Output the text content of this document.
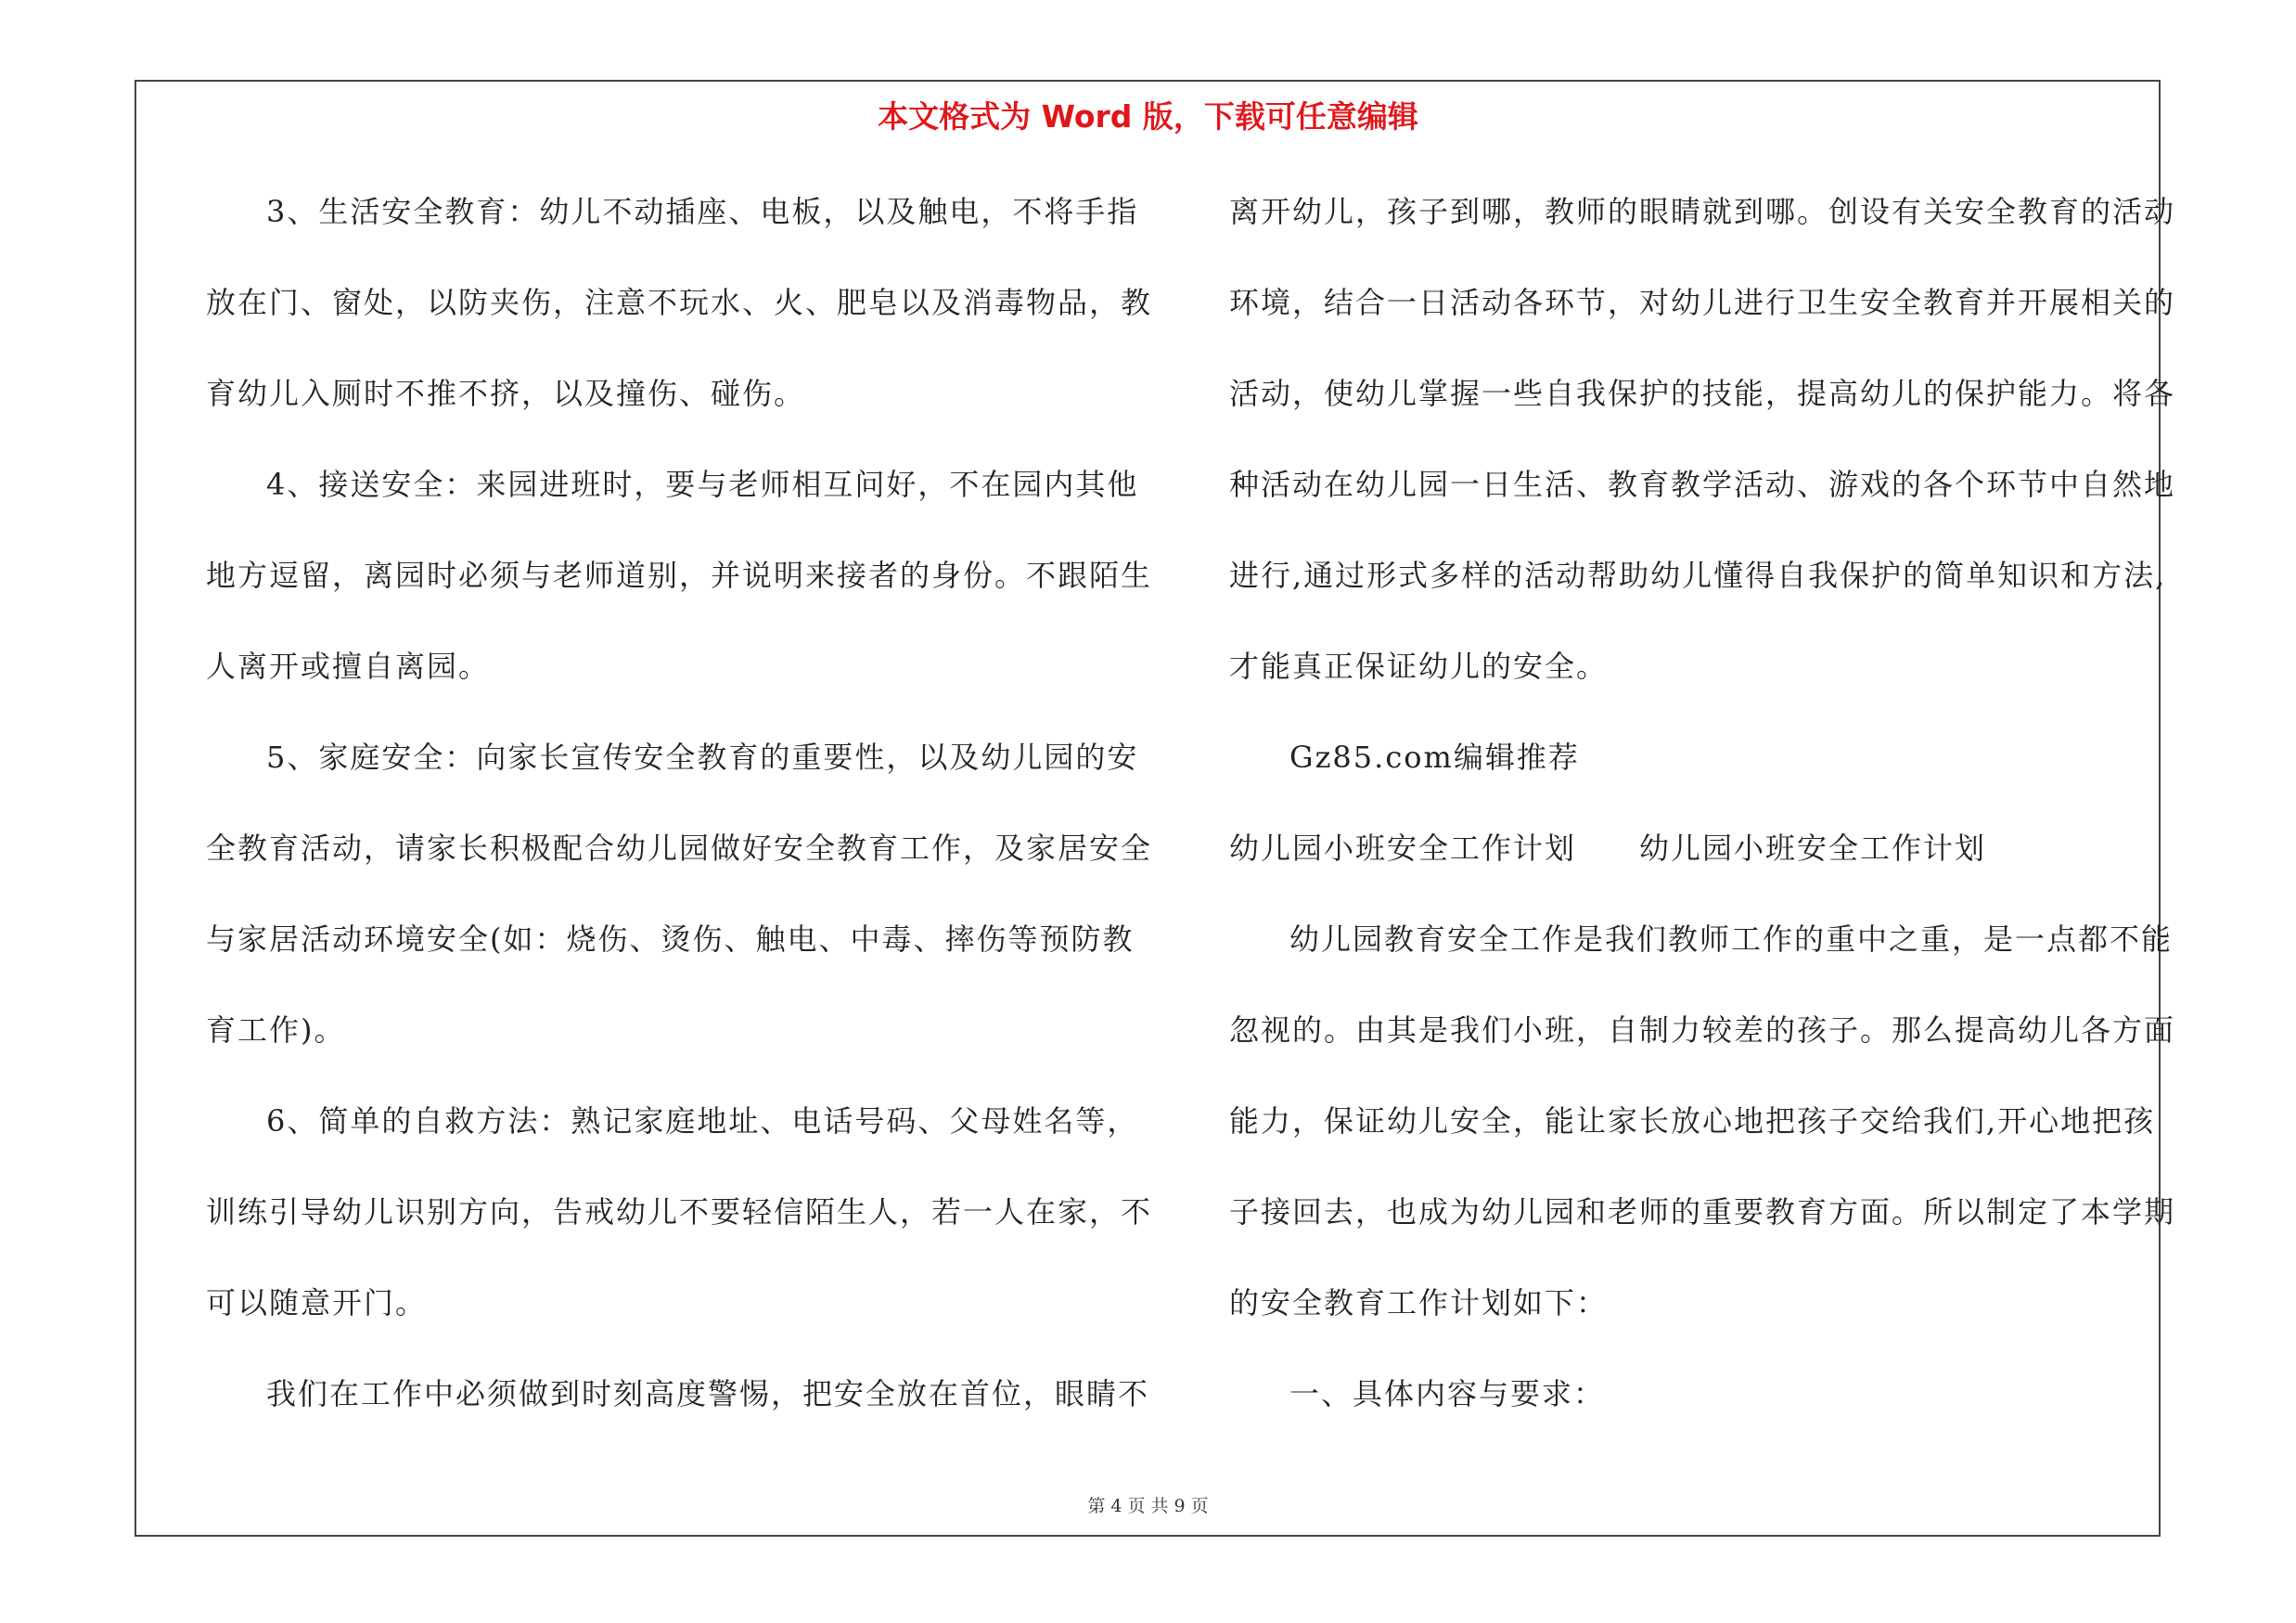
本文格式为 Word 版，下载可任意编辑
3、生活安全教育：幼儿不动插座、电板，以及触电，不将手指
放在门、窗处，以防夹伤，注意不玩水、火、肥皂以及消毒物品，教
育幼儿入厕时不推不挤，以及撞伤、碰伤。
4、接送安全：来园进班时，要与老师相互问好，不在园内其他
地方逗留，离园时必须与老师道别，并说明来接者的身份。不跟陌生
人离开或擅自离园。
5、家庭安全：向家长宣传安全教育的重要性，以及幼儿园的安
全教育活动，请家长积极配合幼儿园做好安全教育工作，及家居安全
与家居活动环境安全(如：烧伤、烫伤、触电、中毒、摔伤等预防教
育工作)。
6、简单的自救方法：熟记家庭地址、电话号码、父母姓名等，
训练引导幼儿识别方向，告戒幼儿不要轻信陌生人，若一人在家，不
可以随意开门。
我们在工作中必须做到时刻高度警惕，把安全放在首位，眼睛不
离开幼儿，孩子到哪，教师的眼睛就到哪。创设有关安全教育的活动
环境，结合一日活动各环节，对幼儿进行卫生安全教育并开展相关的
活动，使幼儿掌握一些自我保护的技能，提高幼儿的保护能力。将各
种活动在幼儿园一日生活、教育教学活动、游戏的各个环节中自然地
进行,通过形式多样的活动帮助幼儿懂得自我保护的简单知识和方法,
才能真正保证幼儿的安全。
Gz85.com编辑推荐
幼儿园小班安全工作计划　　幼儿园小班安全工作计划
幼儿园教育安全工作是我们教师工作的重中之重，是一点都不能
忽视的。由其是我们小班，自制力较差的孩子。那么提高幼儿各方面
能力，保证幼儿安全，能让家长放心地把孩子交给我们,开心地把孩
子接回去，也成为幼儿园和老师的重要教育方面。所以制定了本学期
的安全教育工作计划如下：
一、具体内容与要求：
第 4 页 共 9 页
